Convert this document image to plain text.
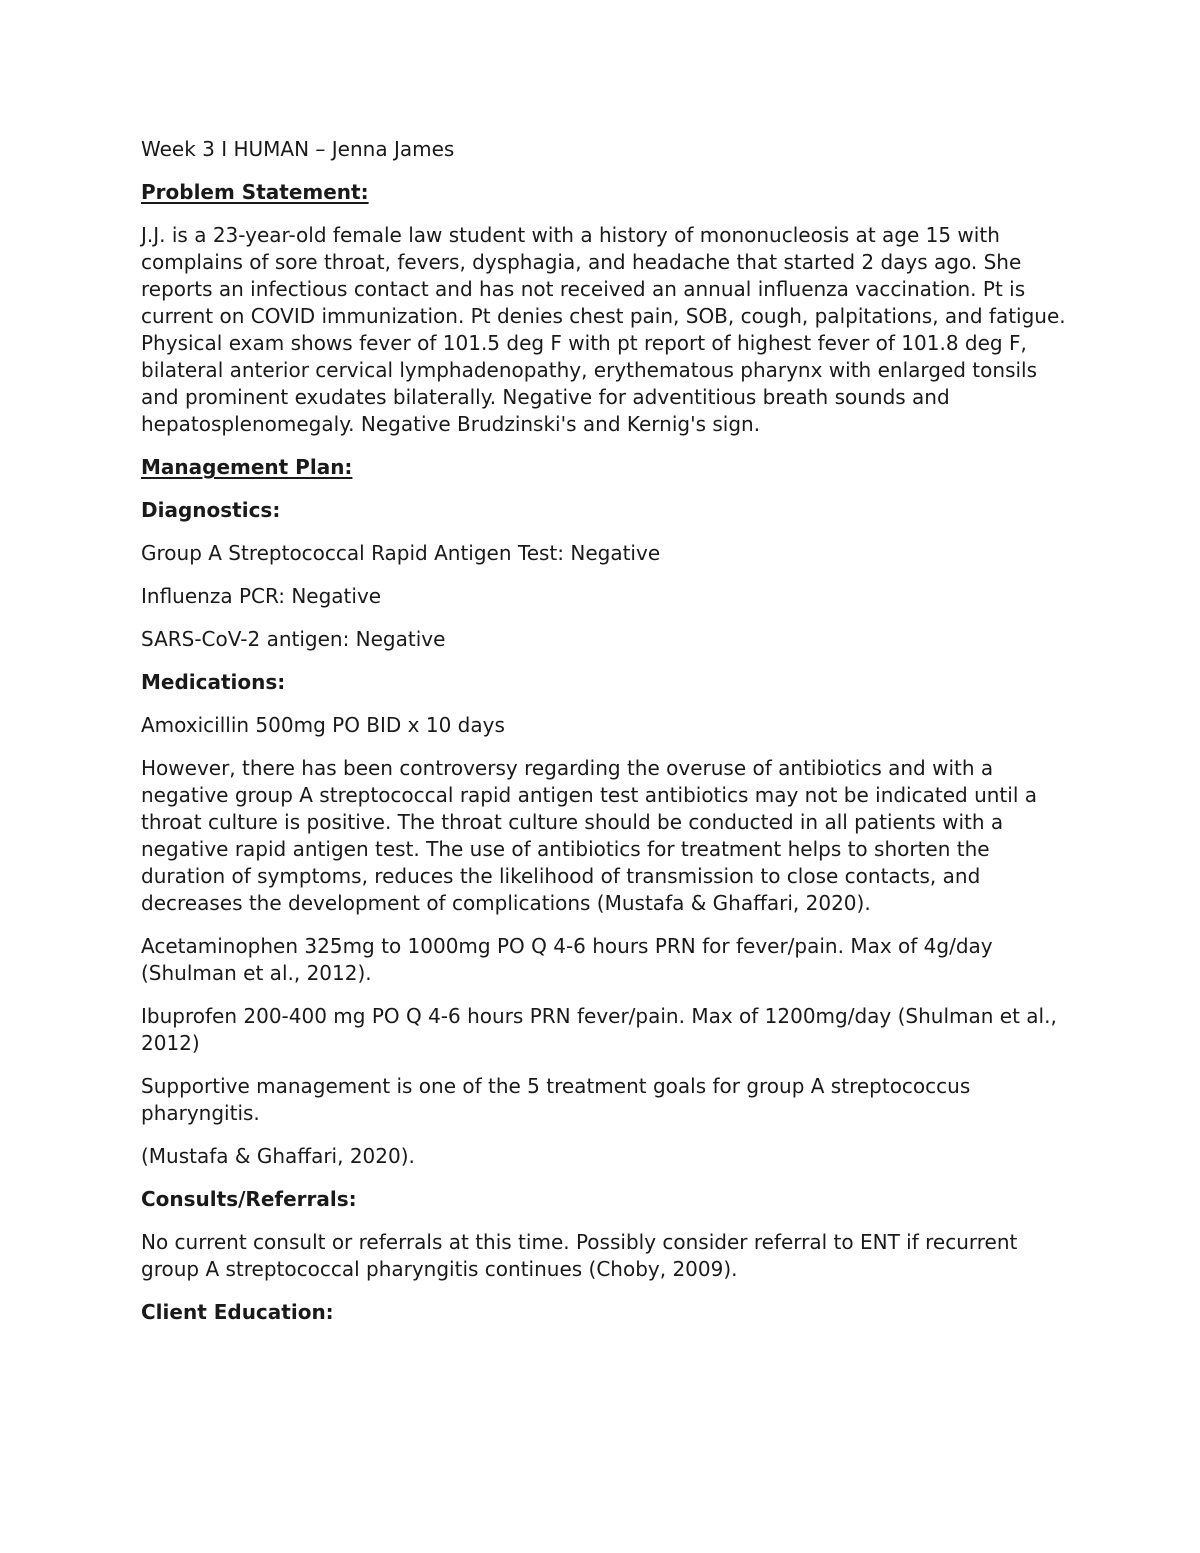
Week 3 I HUMAN – Jenna James

Problem Statement:

J.J. is a 23-year-old female law student with a history of mononucleosis at age 15 with complains of sore throat, fevers, dysphagia, and headache that started 2 days ago. She reports an infectious contact and has not received an annual influenza vaccination. Pt is current on COVID immunization. Pt denies chest pain, SOB, cough, palpitations, and fatigue. Physical exam shows fever of 101.5 deg F with pt report of highest fever of 101.8 deg F, bilateral anterior cervical lymphadenopathy, erythematous pharynx with enlarged tonsils and prominent exudates bilaterally. Negative for adventitious breath sounds and hepatosplenomegaly. Negative Brudzinski's and Kernig's sign.

Management Plan:

Diagnostics:

Group A Streptococcal Rapid Antigen Test: Negative

Influenza PCR: Negative

SARS-CoV-2 antigen: Negative

Medications:

Amoxicillin 500mg PO BID x 10 days

However, there has been controversy regarding the overuse of antibiotics and with a negative group A streptococcal rapid antigen test antibiotics may not be indicated until a throat culture is positive. The throat culture should be conducted in all patients with a negative rapid antigen test. The use of antibiotics for treatment helps to shorten the duration of symptoms, reduces the likelihood of transmission to close contacts, and decreases the development of complications (Mustafa & Ghaffari, 2020).

Acetaminophen 325mg to 1000mg PO Q 4-6 hours PRN for fever/pain. Max of 4g/day (Shulman et al., 2012).

Ibuprofen 200-400 mg PO Q 4-6 hours PRN fever/pain. Max of 1200mg/day (Shulman et al., 2012)

Supportive management is one of the 5 treatment goals for group A streptococcus pharyngitis.

(Mustafa & Ghaffari, 2020).

Consults/Referrals:

No current consult or referrals at this time. Possibly consider referral to ENT if recurrent group A streptococcal pharyngitis continues (Choby, 2009).

Client Education:
